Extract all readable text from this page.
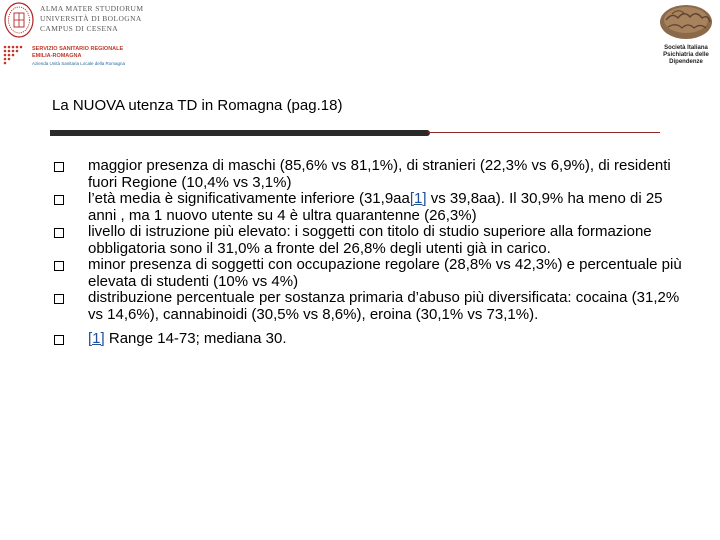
ALMA MATER STUDIORUM
UNIVERSITÀ DI BOLOGNA
CAMPUS DI CESENA
SERVIZIO SANITARIO REGIONALE
EMILIA-ROMAGNA
Azienda Unità Sanitaria Locale della Romagna
Società Italiana
Psichiatria delle
Dipendenze
La NUOVA utenza TD in Romagna (pag.18)
maggior presenza di maschi (85,6% vs 81,1%), di stranieri (22,3% vs 6,9%), di residenti fuori Regione (10,4% vs 3,1%)
l’età media è significativamente inferiore (31,9aa[1] vs 39,8aa). Il 30,9% ha meno di 25 anni , ma 1 nuovo utente su 4 è ultra quarantenne (26,3%)
livello di istruzione più elevato: i soggetti con titolo di studio superiore alla formazione obbligatoria sono il 31,0% a fronte del 26,8% degli utenti già in carico.
minor presenza di soggetti con occupazione regolare (28,8% vs 42,3%) e percentuale più elevata di studenti (10% vs 4%)
distribuzione percentuale per sostanza primaria d’abuso più diversificata: cocaina (31,2% vs 14,6%), cannabinoidi (30,5% vs 8,6%), eroina (30,1% vs 73,1%).
[1] Range 14-73; mediana 30.
